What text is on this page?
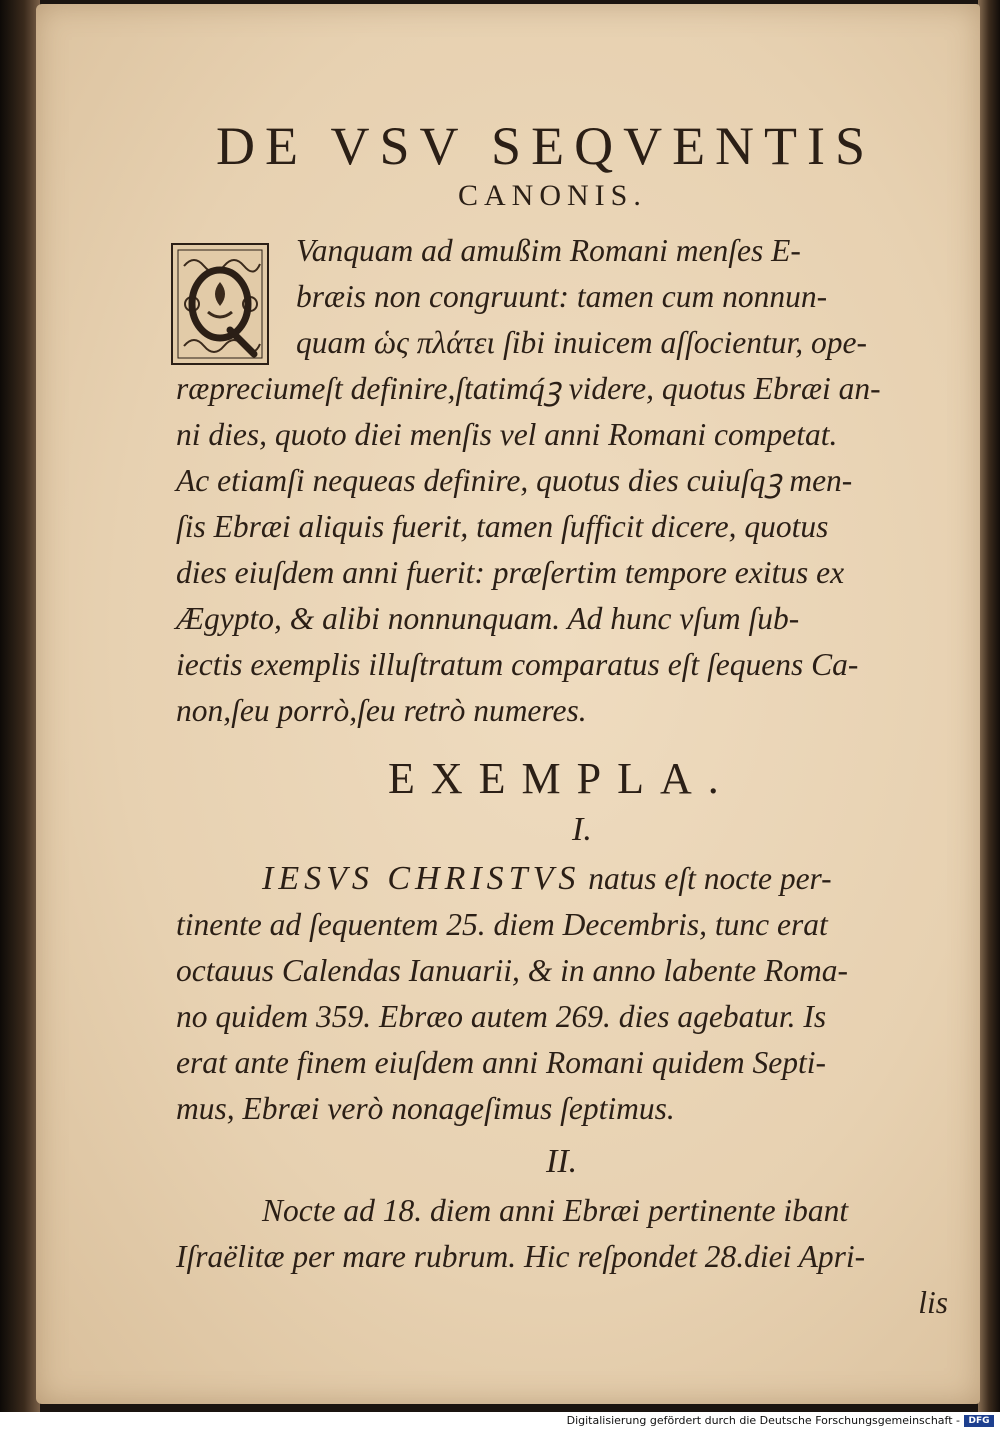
DE VSV SEQVENTIS
CANONIS.
Q

Vanquam ad amußim Romani menſes E-

bræis non congruunt: tamen cum nonnun-

quam ὡς πλάτει ſibi inuicem aſſocientur, ope-

ræpreciumeſt definire,ſtatimq́ꝫ videre, quotus Ebræi an-

ni dies, quoto diei menſis vel anni Romani competat.

Ac etiamſi nequeas definire, quotus dies cuiuſqꝫ men-

ſis Ebræi aliquis fuerit, tamen ſufficit dicere, quotus

dies eiuſdem anni fuerit: præſertim tempore exitus ex

Ægypto, & alibi nonnunquam. Ad hunc vſum ſub-

iectis exemplis illuſtratum comparatus eſt ſequens Ca-

non,ſeu porrò,ſeu retrò numeres.

EXEMPLA.
I.

IESVS CHRISTVS natus eſt nocte per-

tinente ad ſequentem 25. diem Decembris, tunc erat

octauus Calendas Ianuarii, & in anno labente Roma-

no quidem 359. Ebræo autem 269. dies agebatur. Is

erat ante finem eiuſdem anni Romani quidem Septi-

mus, Ebræi verò nonageſimus ſeptimus.

II.

Nocte ad 18. diem anni Ebræi pertinente ibant

Iſraëlitæ per mare rubrum. Hic reſpondet 28.diei Apri-

lis

Digitalisierung gefördert durch die Deutsche Forschungsgemeinschaft - DFG
